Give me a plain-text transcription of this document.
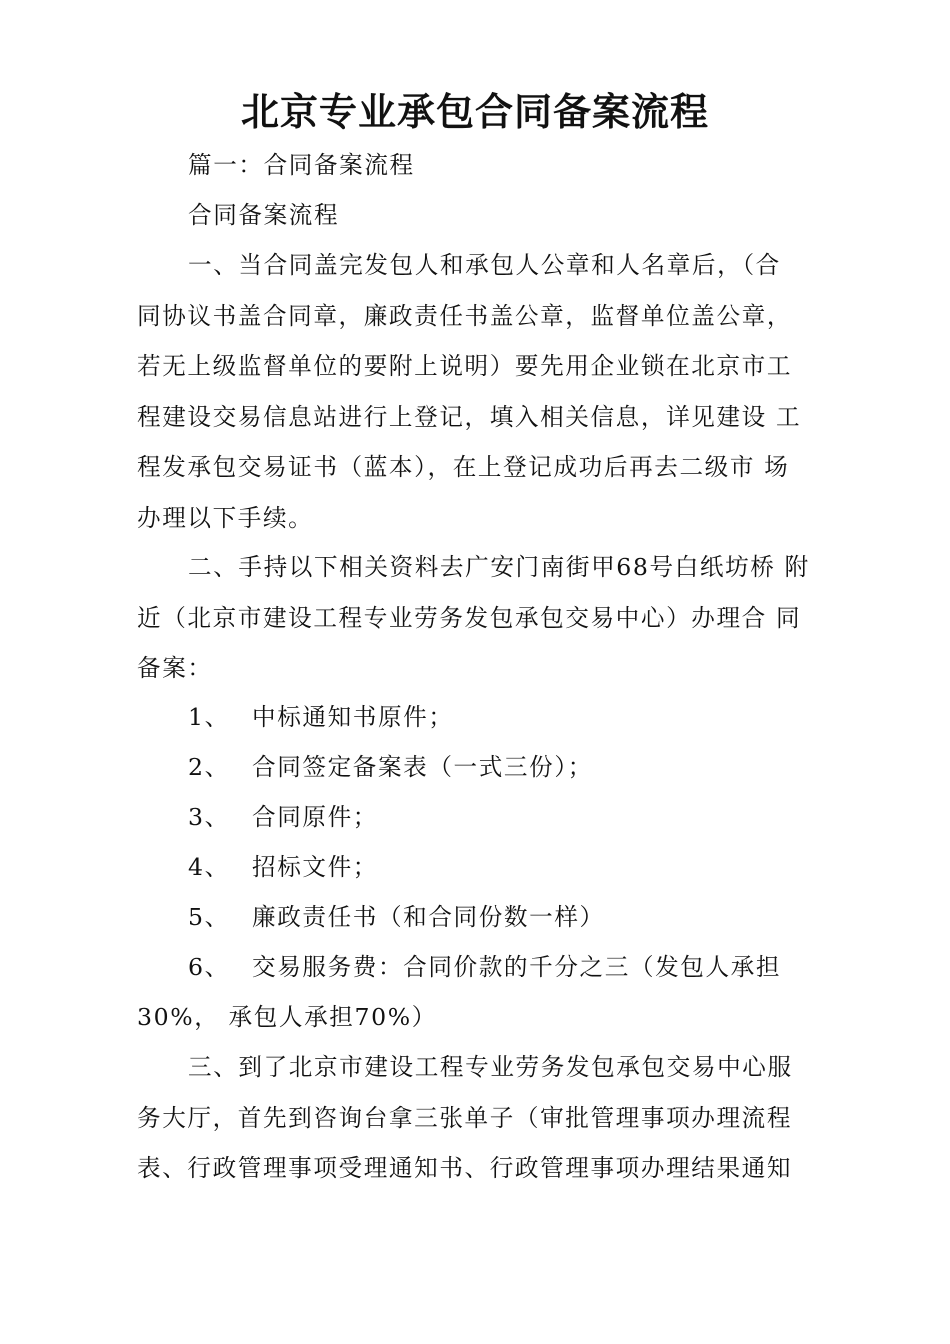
北京专业承包合同备案流程

篇一：合同备案流程

合同备案流程

一、当合同盖完发包人和承包人公章和人名章后，（合
同协议书盖合同章，廉政责任书盖公章，监督单位盖公章，
若无上级监督单位的要附上说明）要先用企业锁在北京市工
程建设交易信息站进行上登记，填入相关信息，详见建设 工
程发承包交易证书（蓝本），在上登记成功后再去二级市 场
办理以下手续。
二、手持以下相关资料去广安门南街甲68号白纸坊桥 附
近（北京市建设工程专业劳务发包承包交易中心）办理合 同
备案：

1、 中标通知书原件；

2、 合同签定备案表（一式三份）；

3、 合同原件；

4、 招标文件；

5、 廉政责任书（和合同份数一样）

6、 交易服务费：合同价款的千分之三（发包人承担

30%， 承包人承担70%）

三、到了北京市建设工程专业劳务发包承包交易中心服
务大厅，首先到咨询台拿三张单子（审批管理事项办理流程
表、行政管理事项受理通知书、行政管理事项办理结果通知
